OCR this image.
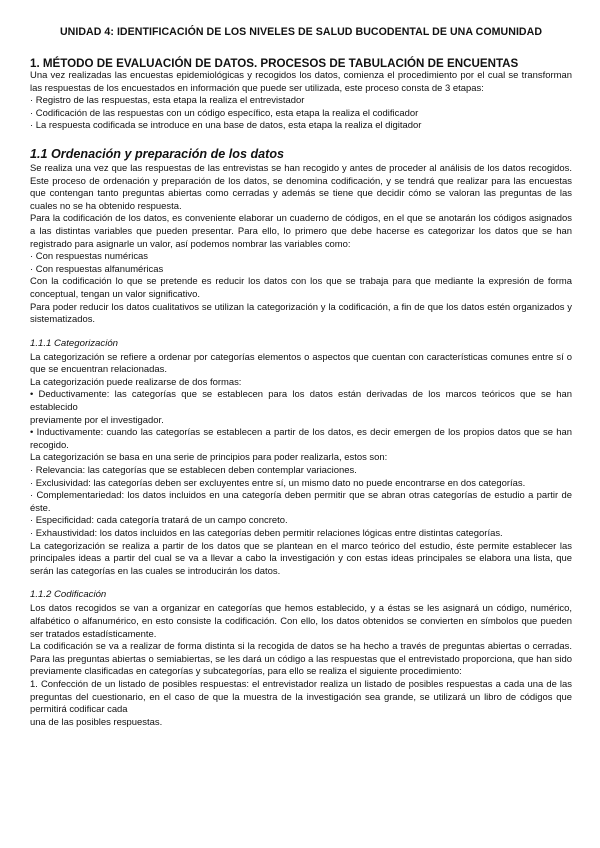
UNIDAD 4: IDENTIFICACIÓN DE LOS NIVELES DE SALUD BUCODENTAL DE UNA COMUNIDAD
1. MÉTODO DE EVALUACIÓN DE DATOS. PROCESOS DE TABULACIÓN DE ENCUENTAS

Una vez realizadas las encuestas epidemiológicas y recogidos los datos, comienza el procedimiento por el cual se transforman las respuestas de los encuestados en información que puede ser utilizada, este proceso consta de 3 etapas:

· Registro de las respuestas, esta etapa la realiza el entrevistador
· Codificación de las respuestas con un código específico, esta etapa la realiza el codificador
· La respuesta codificada se introduce en una base de datos, esta etapa la realiza el digitador
1.1 Ordenación y preparación de los datos

Se realiza una vez que las respuestas de las entrevistas se han recogido y antes de proceder al análisis de los datos recogidos. Este proceso de ordenación y preparación de los datos, se denomina codificación, y se tendrá que realizar para las encuestas que contengan tanto preguntas abiertas como cerradas y además se tiene que decidir cómo se valoran las preguntas de las cuales no se ha obtenido respuesta.

Para la codificación de los datos, es conveniente elaborar un cuaderno de códigos, en el que se anotarán los códigos asignados a las distintas variables que pueden presentar. Para ello, lo primero que debe hacerse es categorizar los datos que se han registrado para asignarle un valor, así podemos nombrar las variables como:

· Con respuestas numéricas
· Con respuestas alfanuméricas

Con la codificación lo que se pretende es reducir los datos con los que se trabaja para que mediante la expresión de forma conceptual, tengan un valor significativo.

Para poder reducir los datos cualitativos se utilizan la categorización y la codificación, a fin de que los datos estén organizados y sistematizados.

1.1.1 Categorización

La categorización se refiere a ordenar por categorías elementos o aspectos que cuentan con características comunes entre sí o que se encuentran relacionadas.

La categorización puede realizarse de dos formas:

• Deductivamente: las categorías que se establecen para los datos están derivadas de los marcos teóricos que se han establecido

previamente por el investigador.

• Inductivamente: cuando las categorías se establecen a partir de los datos, es decir emergen de los propios datos que se han recogido.

La categorización se basa en una serie de principios para poder realizarla, estos son:

· Relevancia: las categorías que se establecen deben contemplar variaciones.
· Exclusividad: las categorías deben ser excluyentes entre sí, un mismo dato no puede encontrarse en dos categorías.
· Complementariedad: los datos incluidos en una categoría deben permitir que se abran otras categorías de estudio a partir de éste.
· Especificidad: cada categoría tratará de un campo concreto.
· Exhaustividad: los datos incluidos en las categorías deben permitir relaciones lógicas entre distintas categorías.

La categorización se realiza a partir de los datos que se plantean en el marco teórico del estudio, éste permite establecer las principales ideas a partir del cual se va a llevar a cabo la investigación y con estas ideas principales se elabora una lista, que serán las categorías en las cuales se introducirán los datos.

1.1.2 Codificación

Los datos recogidos se van a organizar en categorías que hemos establecido, y a éstas se les asignará un código, numérico, alfabético o alfanumérico, en esto consiste la codificación. Con ello, los datos obtenidos se convierten en símbolos que pueden ser tratados estadísticamente.

La codificación se va a realizar de forma distinta si la recogida de datos se ha hecho a través de preguntas abiertas o cerradas. Para las preguntas abiertas o semiabiertas, se les dará un código a las respuestas que el entrevistado proporciona, que han sido previamente clasificadas en categorías y subcategorías, para ello se realiza el siguiente procedimiento:

1. Confección de un listado de posibles respuestas: el entrevistador realiza un listado de posibles respuestas a cada una de las preguntas del cuestionario, en el caso de que la muestra de la investigación sea grande, se utilizará un libro de códigos que permitirá codificar cada

una de las posibles respuestas.
